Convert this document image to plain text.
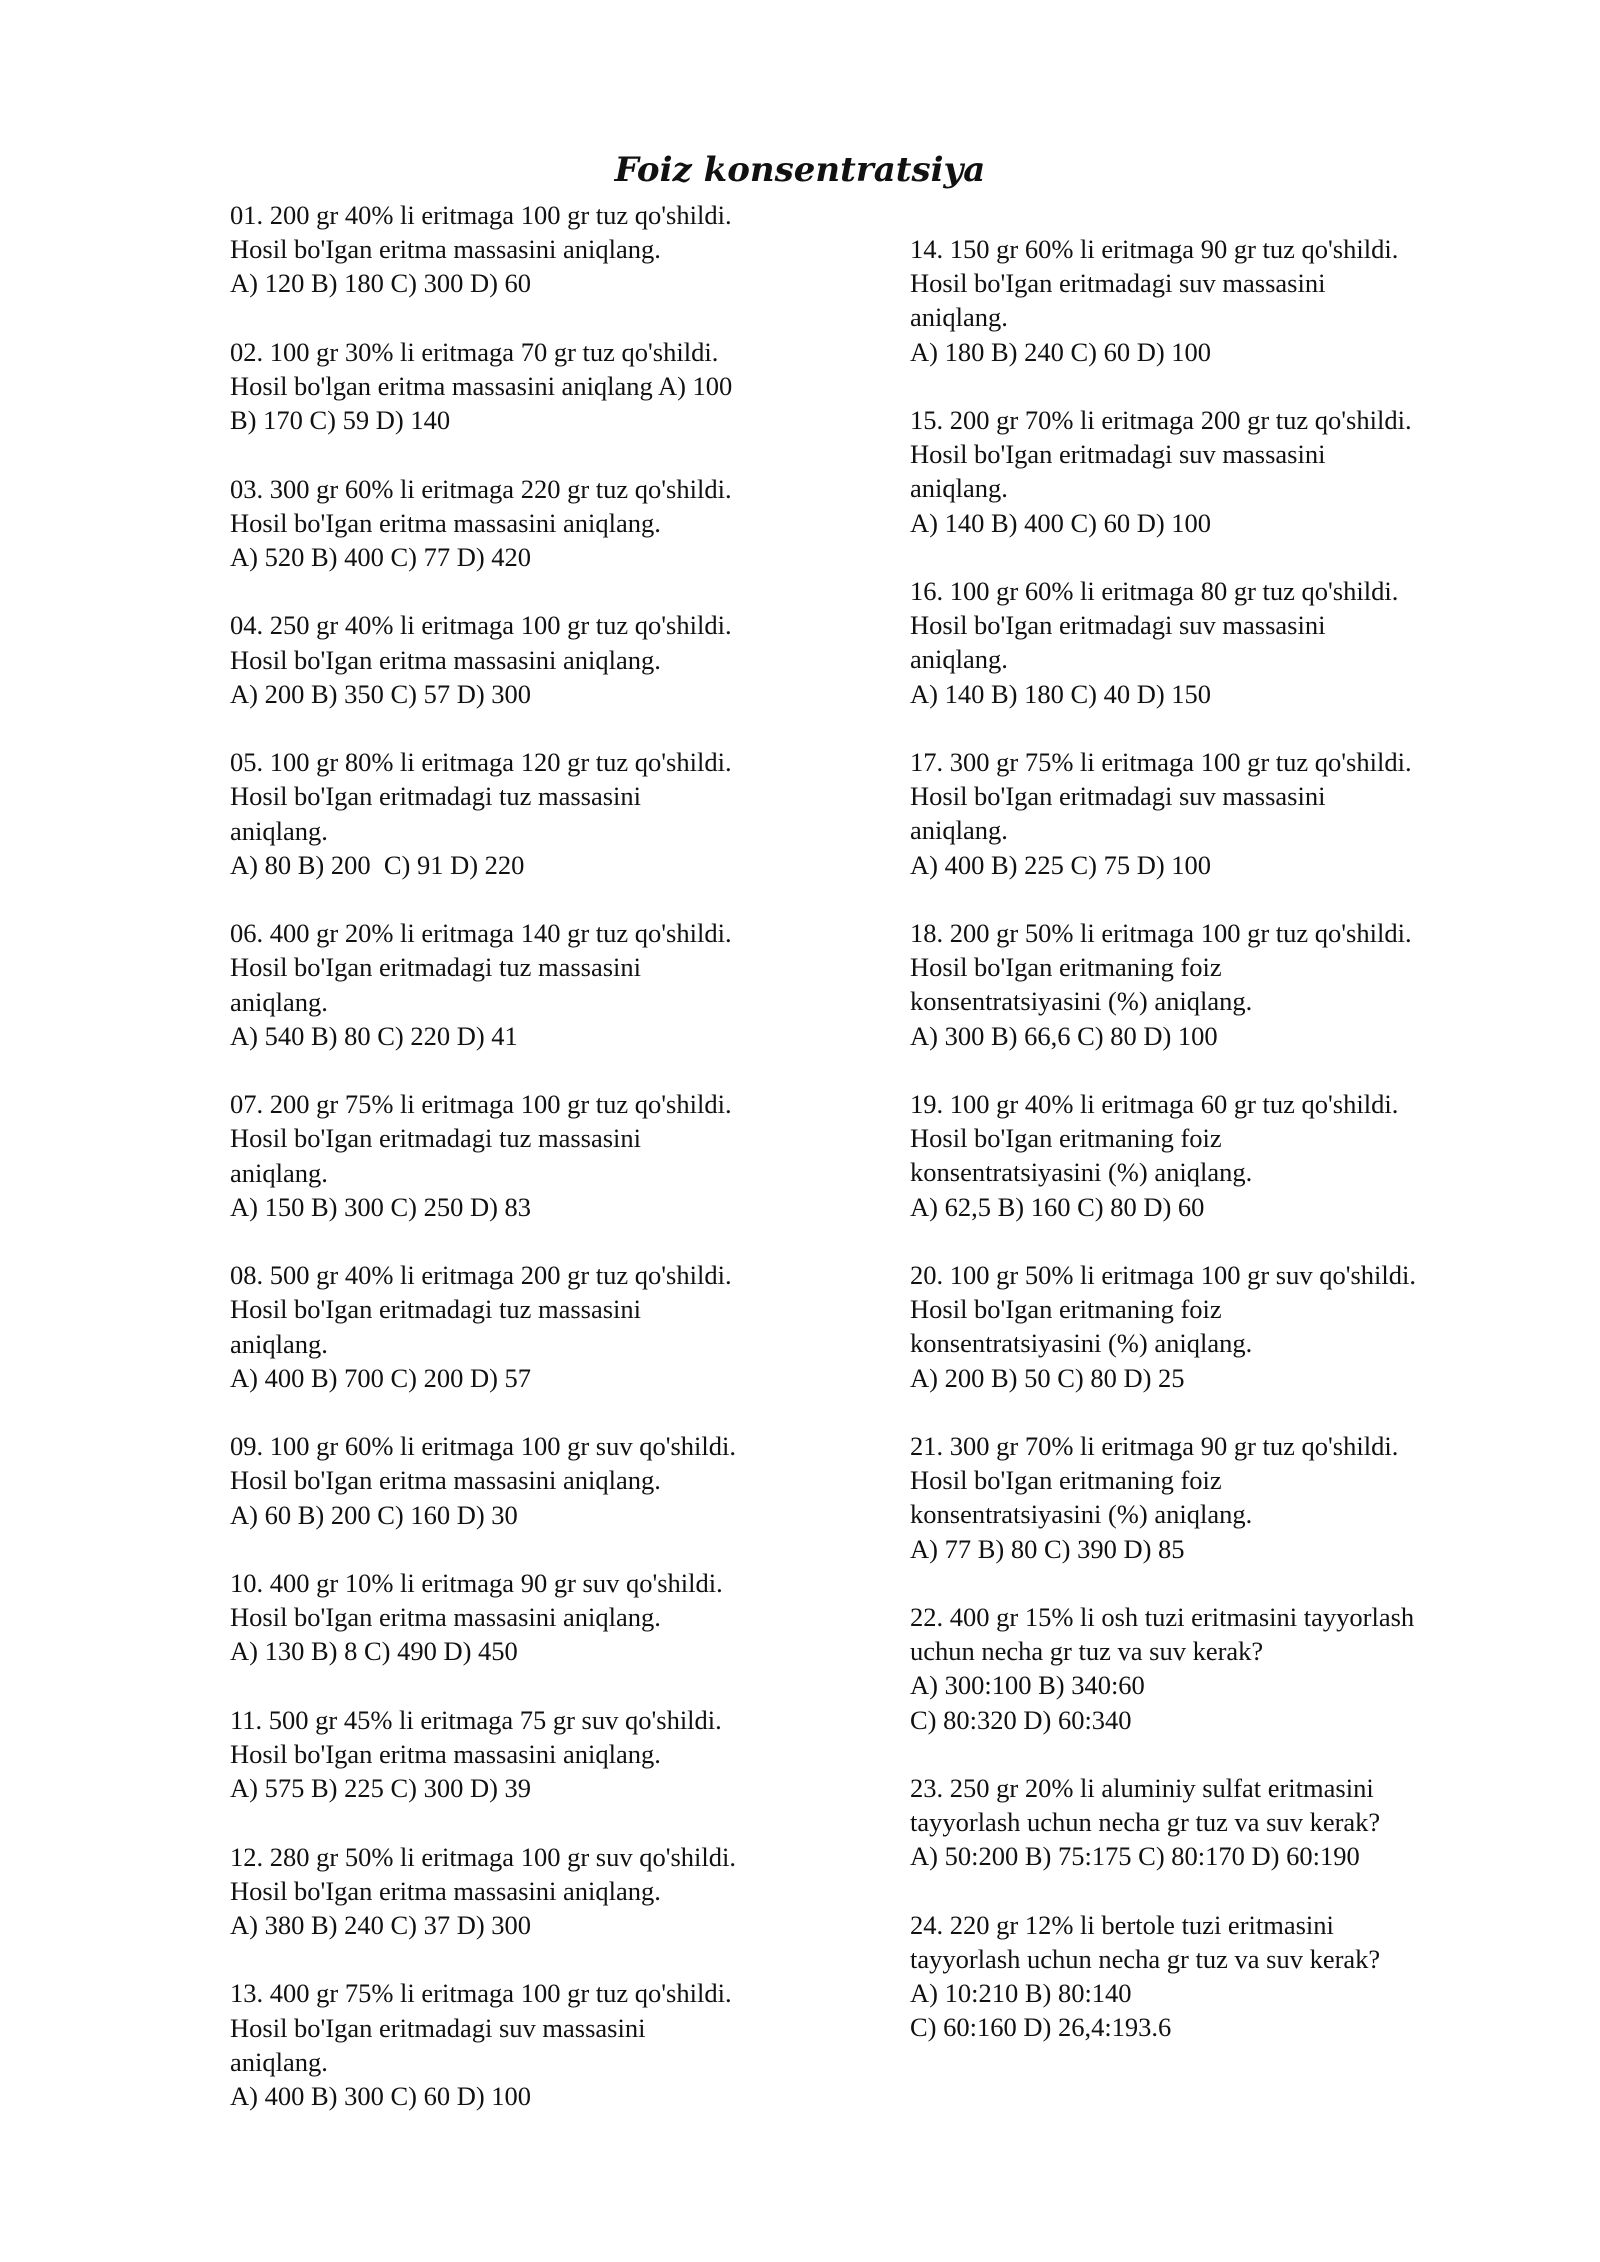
Foiz konsentratsiya
01. 200 gr 40% li eritmaga 100 gr tuz qo'shildi.
Hosil bo'Igan eritma massasini aniqlang.
A) 120 B) 180 C) 300 D) 60
02. 100 gr 30% li eritmaga 70 gr tuz qo'shildi.
Hosil bo'lgan eritma massasini aniqlang A) 100
B) 170 C) 59 D) 140
03. 300 gr 60% li eritmaga 220 gr tuz qo'shildi.
Hosil bo'Igan eritma massasini aniqlang.
A) 520 B) 400 C) 77 D) 420
04. 250 gr 40% li eritmaga 100 gr tuz qo'shildi.
Hosil bo'Igan eritma massasini aniqlang.
A) 200 B) 350 C) 57 D) 300
05. 100 gr 80% li eritmaga 120 gr tuz qo'shildi.
Hosil bo'Igan eritmadagi tuz massasini
aniqlang.
A) 80 B) 200  C) 91 D) 220
06. 400 gr 20% li eritmaga 140 gr tuz qo'shildi.
Hosil bo'Igan eritmadagi tuz massasini
aniqlang.
A) 540 B) 80 C) 220 D) 41
07. 200 gr 75% li eritmaga 100 gr tuz qo'shildi.
Hosil bo'Igan eritmadagi tuz massasini
aniqlang.
A) 150 B) 300 C) 250 D) 83
08. 500 gr 40% li eritmaga 200 gr tuz qo'shildi.
Hosil bo'Igan eritmadagi tuz massasini
aniqlang.
A) 400 B) 700 C) 200 D) 57
09. 100 gr 60% li eritmaga 100 gr suv qo'shildi.
Hosil bo'Igan eritma massasini aniqlang.
A) 60 B) 200 C) 160 D) 30
10. 400 gr 10% li eritmaga 90 gr suv qo'shildi.
Hosil bo'Igan eritma massasini aniqlang.
A) 130 B) 8 C) 490 D) 450
11. 500 gr 45% li eritmaga 75 gr suv qo'shildi.
Hosil bo'Igan eritma massasini aniqlang.
A) 575 B) 225 C) 300 D) 39
12. 280 gr 50% li eritmaga 100 gr suv qo'shildi.
Hosil bo'Igan eritma massasini aniqlang.
A) 380 B) 240 C) 37 D) 300
13. 400 gr 75% li eritmaga 100 gr tuz qo'shildi.
Hosil bo'Igan eritmadagi suv massasini
aniqlang.
A) 400 B) 300 C) 60 D) 100
14. 150 gr 60% li eritmaga 90 gr tuz qo'shildi.
Hosil bo'Igan eritmadagi suv massasini
aniqlang.
A) 180 B) 240 C) 60 D) 100
15. 200 gr 70% li eritmaga 200 gr tuz qo'shildi.
Hosil bo'Igan eritmadagi suv massasini
aniqlang.
A) 140 B) 400 C) 60 D) 100
16. 100 gr 60% li eritmaga 80 gr tuz qo'shildi.
Hosil bo'Igan eritmadagi suv massasini
aniqlang.
A) 140 B) 180 C) 40 D) 150
17. 300 gr 75% li eritmaga 100 gr tuz qo'shildi.
Hosil bo'Igan eritmadagi suv massasini
aniqlang.
A) 400 B) 225 C) 75 D) 100
18. 200 gr 50% li eritmaga 100 gr tuz qo'shildi.
Hosil bo'Igan eritmaning foiz
konsentratsiyasini (%) aniqlang.
A) 300 B) 66,6 C) 80 D) 100
19. 100 gr 40% li eritmaga 60 gr tuz qo'shildi.
Hosil bo'Igan eritmaning foiz
konsentratsiyasini (%) aniqlang.
A) 62,5 B) 160 C) 80 D) 60
20. 100 gr 50% li eritmaga 100 gr suv qo'shildi.
Hosil bo'Igan eritmaning foiz
konsentratsiyasini (%) aniqlang.
A) 200 B) 50 C) 80 D) 25
21. 300 gr 70% li eritmaga 90 gr tuz qo'shildi.
Hosil bo'Igan eritmaning foiz
konsentratsiyasini (%) aniqlang.
A) 77 B) 80 C) 390 D) 85
22. 400 gr 15% li osh tuzi eritmasini tayyorlash
uchun necha gr tuz va suv kerak?
A) 300:100 B) 340:60
C) 80:320 D) 60:340
23. 250 gr 20% li aluminiy sulfat eritmasini
tayyorlash uchun necha gr tuz va suv kerak?
A) 50:200 B) 75:175 C) 80:170 D) 60:190
24. 220 gr 12% li bertole tuzi eritmasini
tayyorlash uchun necha gr tuz va suv kerak?
A) 10:210 B) 80:140
C) 60:160 D) 26,4:193.6
